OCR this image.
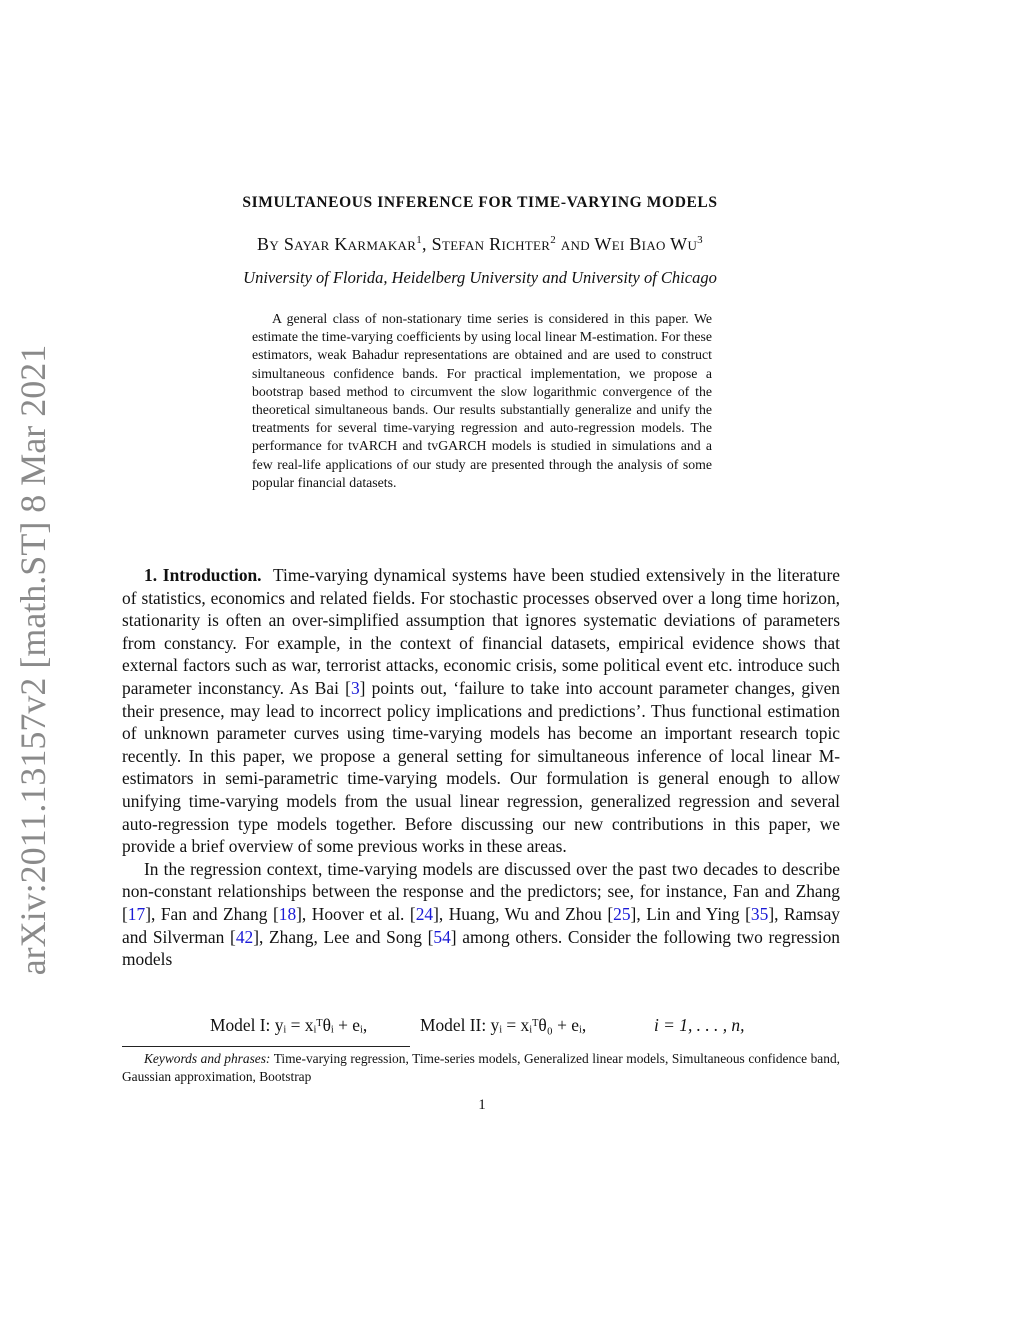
arXiv:2011.13157v2 [math.ST] 8 Mar 2021
SIMULTANEOUS INFERENCE FOR TIME-VARYING MODELS
By Sayar Karmakar$^1$, Stefan Richter$^2$ and Wei Biao Wu$^3$
University of Florida, Heidelberg University and University of Chicago
A general class of non-stationary time series is considered in this paper. We estimate the time-varying coefficients by using local linear M-estimation. For these estimators, weak Bahadur representations are obtained and are used to construct simultaneous confidence bands. For practical implementation, we propose a bootstrap based method to circumvent the slow logarithmic convergence of the theoretical simultaneous bands. Our results substantially generalize and unify the treatments for several time-varying regression and auto-regression models. The performance for tvARCH and tvGARCH models is studied in simulations and a few real-life applications of our study are presented through the analysis of some popular financial datasets.

1. Introduction. Time-varying dynamical systems have been studied extensively in the literature of statistics, economics and related fields. For stochastic processes observed over a long time horizon, stationarity is often an over-simplified assumption that ignores systematic deviations of parameters from constancy. For example, in the context of financial datasets, empirical evidence shows that external factors such as war, terrorist attacks, economic crisis, some political event etc. introduce such parameter inconstancy. As Bai [3] points out, ‘failure to take into account parameter changes, given their presence, may lead to incorrect policy implications and predictions’. Thus functional estimation of unknown parameter curves using time-varying models has become an important research topic recently. In this paper, we propose a general setting for simultaneous inference of local linear M-estimators in semi-parametric time-varying models. Our formulation is general enough to allow unifying time-varying models from the usual linear regression, generalized regression and several auto-regression type models together. Before discussing our new contributions in this paper, we provide a brief overview of some previous works in these areas.

In the regression context, time-varying models are discussed over the past two decades to describe non-constant relationships between the response and the predictors; see, for instance, Fan and Zhang [17], Fan and Zhang [18], Hoover et al. [24], Huang, Wu and Zhou [25], Lin and Ying [35], Ramsay and Silverman [42], Zhang, Lee and Song [54] among others. Consider the following two regression models

Model I: yᵢ = xᵢᵀθᵢ + eᵢ,	Model II: yᵢ = xᵢᵀθ₀ + eᵢ,	i = 1, . . . , n,
Keywords and phrases: Time-varying regression, Time-series models, Generalized linear models, Simultaneous confidence band, Gaussian approximation, Bootstrap
1
